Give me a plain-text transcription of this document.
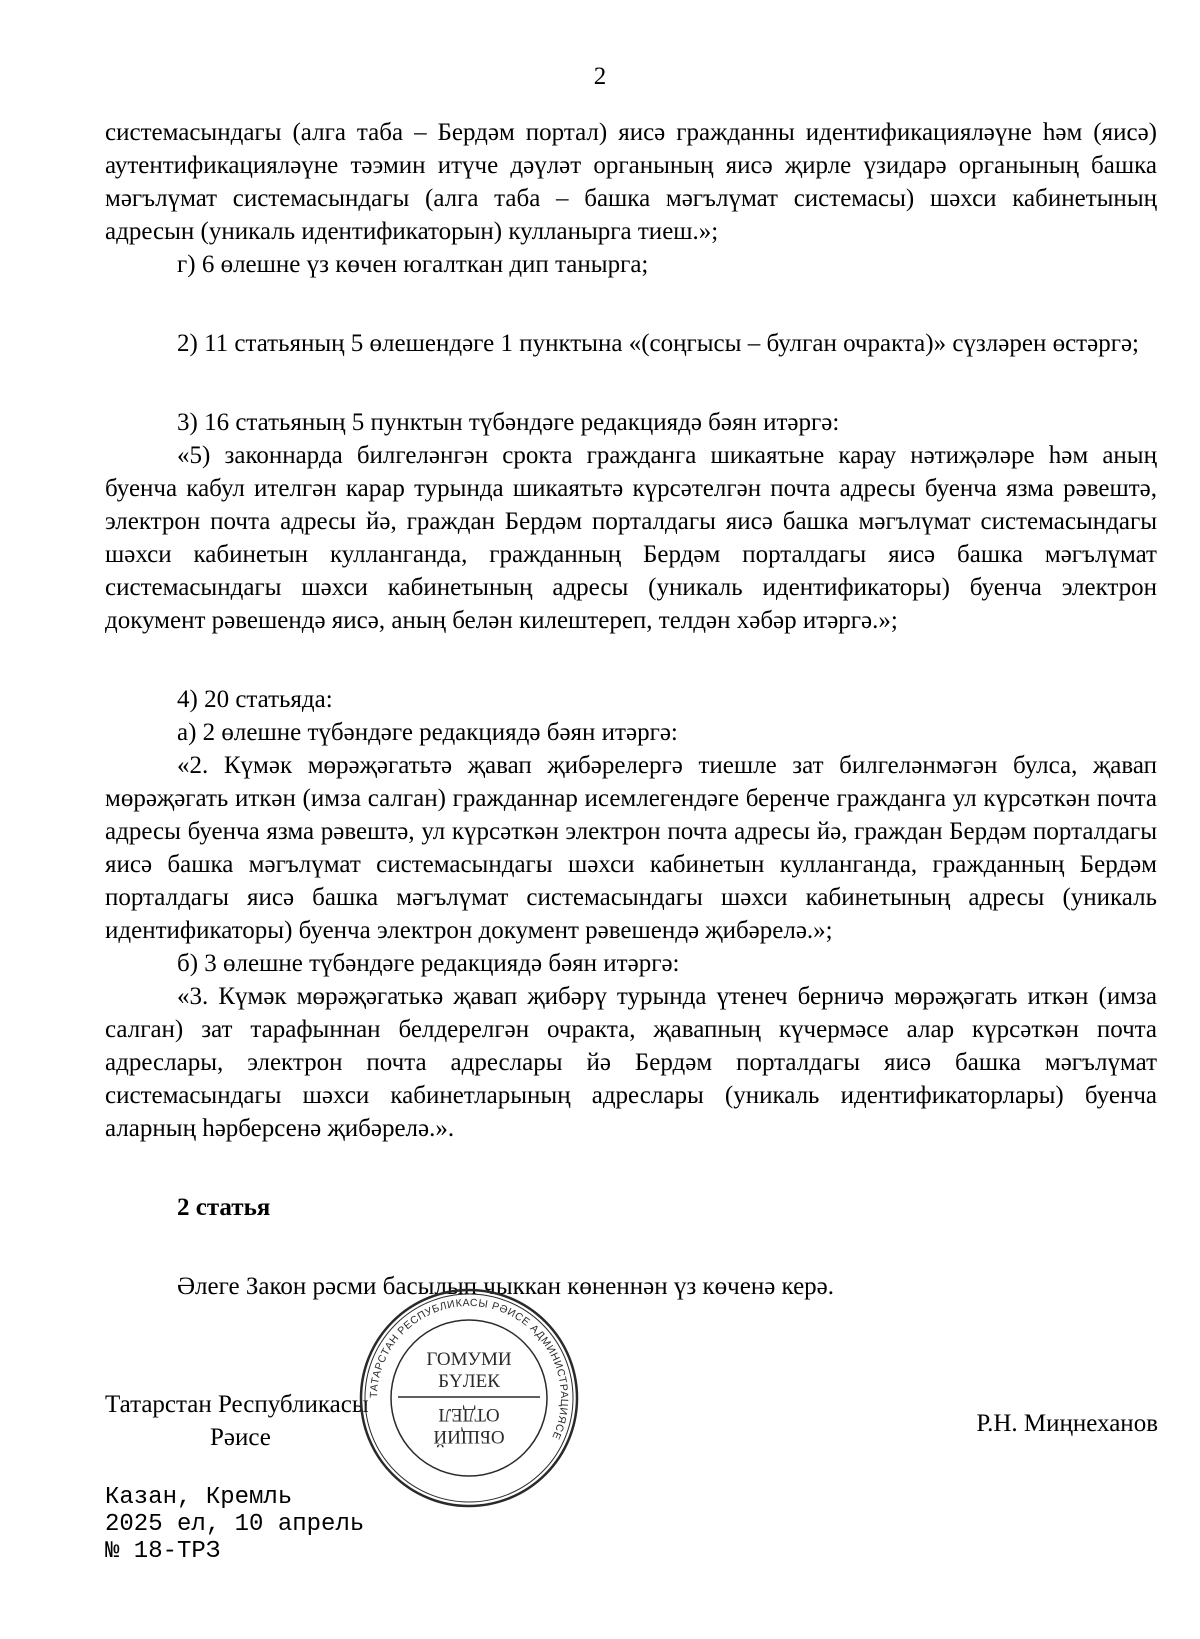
2

системасындагы (алга таба – Бердәм портал) яисә гражданны идентификацияләүне һәм (яисә) аутентификацияләүне тәэмин итүче дәүләт органының яисә җирле үзидарә органының башка мәгълүмат системасындагы (алга таба – башка мәгълүмат системасы) шәхси кабинетының адресын (уникаль идентификаторын) кулланырга тиеш.»;

г) 6 өлешне үз көчен югалткан дип танырга;

2) 11 статьяның 5 өлешендәге 1 пунктына «(соңгысы – булган очракта)» сүзләрен өстәргә;

3) 16 статьяның 5 пунктын түбәндәге редакциядә бәян итәргә:

«5) законнарда билгеләнгән срокта гражданга шикаятьне карау нәтиҗәләре һәм аның буенча кабул ителгән карар турында шикаятьтә күрсәтелгән почта адресы буенча язма рәвештә, электрон почта адресы йә, граждан Бердәм порталдагы яисә башка мәгълүмат системасындагы шәхси кабинетын кулланганда, гражданның Бердәм порталдагы яисә башка мәгълүмат системасындагы шәхси кабинетының адресы (уникаль идентификаторы) буенча электрон документ рәвешендә яисә, аның белән килештереп, телдән хәбәр итәргә.»;

4) 20 статьяда:

а) 2 өлешне түбәндәге редакциядә бәян итәргә:

«2. Күмәк мөрәҗәгатьтә җавап җибәрелергә тиешле зат билгеләнмәгән булса, җавап мөрәҗәгать иткән (имза салган) гражданнар исемлегендәге беренче гражданга ул күрсәткән почта адресы буенча язма рәвештә, ул күрсәткән электрон почта адресы йә, граждан Бердәм порталдагы яисә башка мәгълүмат системасындагы шәхси кабинетын кулланганда, гражданның Бердәм порталдагы яисә башка мәгълүмат системасындагы шәхси кабинетының адресы (уникаль идентификаторы) буенча электрон документ рәвешендә җибәрелә.»;

б) 3 өлешне түбәндәге редакциядә бәян итәргә:

«3. Күмәк мөрәҗәгатькә җавап җибәрү турында үтенеч берничә мөрәҗәгать иткән (имза салган) зат тарафыннан белдерелгән очракта, җавапның күчермәсе алар күрсәткән почта адреслары, электрон почта адреслары йә Бердәм порталдагы яисә башка мәгълүмат системасындагы шәхси кабинетларының адреслары (уникаль идентификаторлары) буенча аларның һәрберсенә җибәрелә.».

2 статья

Әлеге Закон рәсми басылып чыккан көненнән үз көченә керә.

Татарстан Республикасы
Рәисе
Р.Н. Миңнеханов
Казан, Кремль
2025 ел, 10 апрель
№ 18-ТРЗ
ТАТАРСТАН РЕСПУБЛИКАСЫ РӘИСЕ АДМИНИСТРАЦИЯСЕ
ГОМУМИ
БҮЛЕК
ОТДЕЛ
ОБЩИЙ
